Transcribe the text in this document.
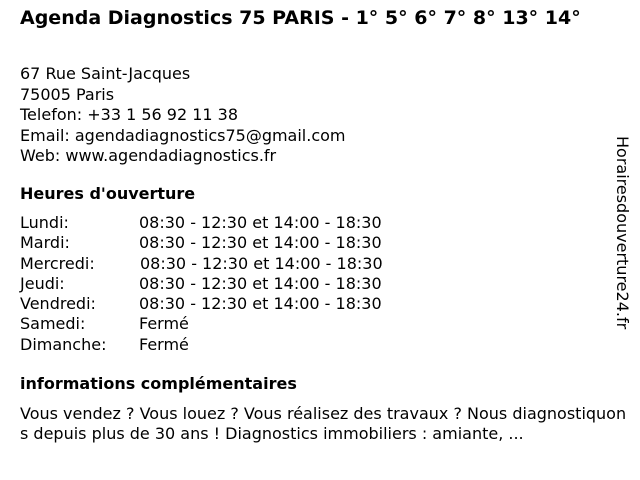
Agenda Diagnostics 75 PARIS - 1° 5° 6° 7° 8° 13° 14°
67 Rue Saint-Jacques
75005 Paris
Telefon: +33 1 56 92 11 38
Email: agendadiagnostics75@gmail.com
Web: www.agendadiagnostics.fr
Heures d'ouverture
Lundi:	08:30 - 12:30 et 14:00 - 18:30
Mardi:	08:30 - 12:30 et 14:00 - 18:30
Mercredi:	08:30 - 12:30 et 14:00 - 18:30
Jeudi:	08:30 - 12:30 et 14:00 - 18:30
Vendredi:	08:30 - 12:30 et 14:00 - 18:30
Samedi:	Fermé
Dimanche: Fermé
informations complémentaires
Vous vendez ? Vous louez ? Vous réalisez des travaux ? Nous diagnostiquons depuis plus de 30 ans ! Diagnostics immobiliers : amiante, ...
Horairesdouverture24.fr
